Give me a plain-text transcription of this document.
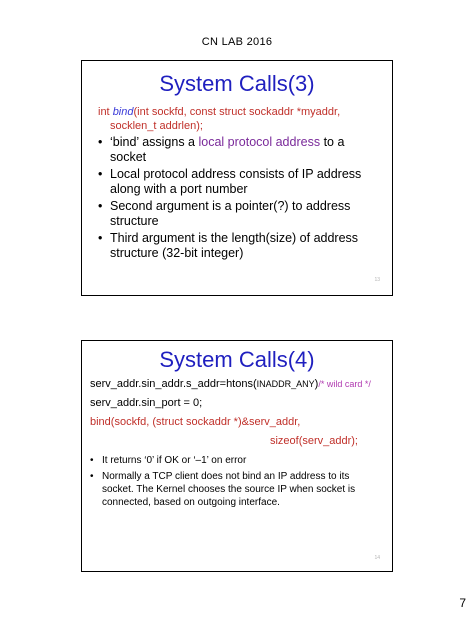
CN LAB 2016
System Calls(3)
int bind(int sockfd, const struct sockaddr *myaddr,
socklen_t addrlen);
• ‘bind’ assigns a local protocol address to a socket
• Local protocol address consists of IP address along with a port number
• Second argument is a pointer(?) to address structure
• Third argument is the length(size) of address structure (32-bit integer)
13
System Calls(4)
serv_addr.sin_addr.s_addr=htons(INADDR_ANY)/* wild card */
serv_addr.sin_port = 0;
bind(sockfd, (struct sockaddr *)&serv_addr,
sizeof(serv_addr);
• It returns ‘0’ if OK or ‘–1’ on error
• Normally a TCP client does not bind an IP address to its socket. The Kernel chooses the source IP when socket is connected, based on outgoing interface.
14
7
